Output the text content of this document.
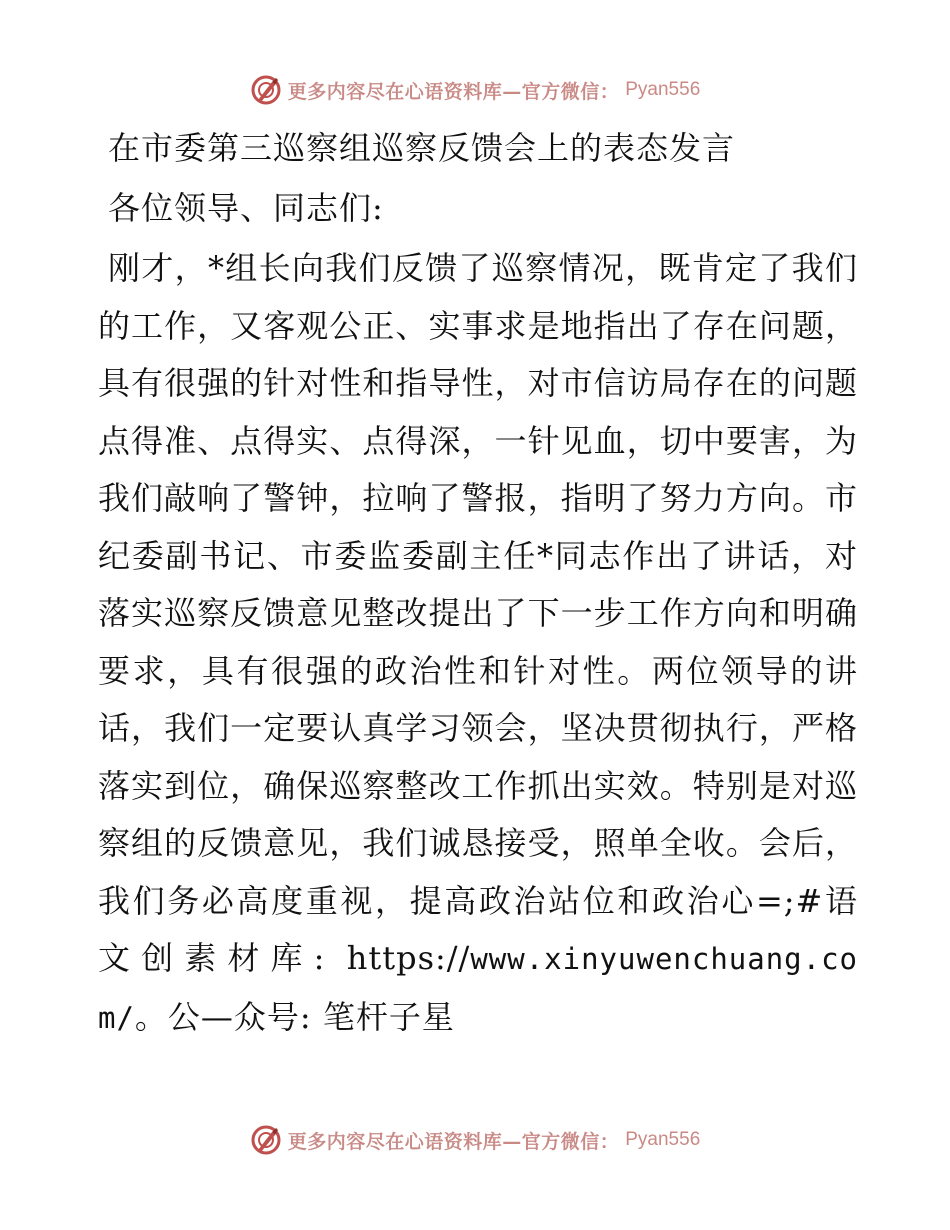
更多内容尽在心语资料库—官方微信： Pyan556
在市委第三巡察组巡察反馈会上的表态发言

各位领导、同志们:

刚才，*组长向我们反馈了巡察情况，既肯定了我们的工作，又客观公正、实事求是地指出了存在问题，具有很强的针对性和指导性，对市信访局存在的问题点得准、点得实、点得深，一针见血，切中要害，为我们敲响了警钟，拉响了警报，指明了努力方向。市纪委副书记、市委监委副主任*同志作出了讲话，对落实巡察反馈意见整改提出了下一步工作方向和明确要求，具有很强的政治性和针对性。两位领导的讲话，我们一定要认真学习领会，坚决贯彻执行，严格落实到位，确保巡察整改工作抓出实效。特别是对巡察组的反馈意见，我们诚恳接受，照单全收。会后，我们务必高度重视，提高政治站位和政治心=;#语文创素材库: https://www.xinyuwenchuang.com/。公—众号: 笔杆子星

更多内容尽在心语资料库—官方微信： Pyan556
